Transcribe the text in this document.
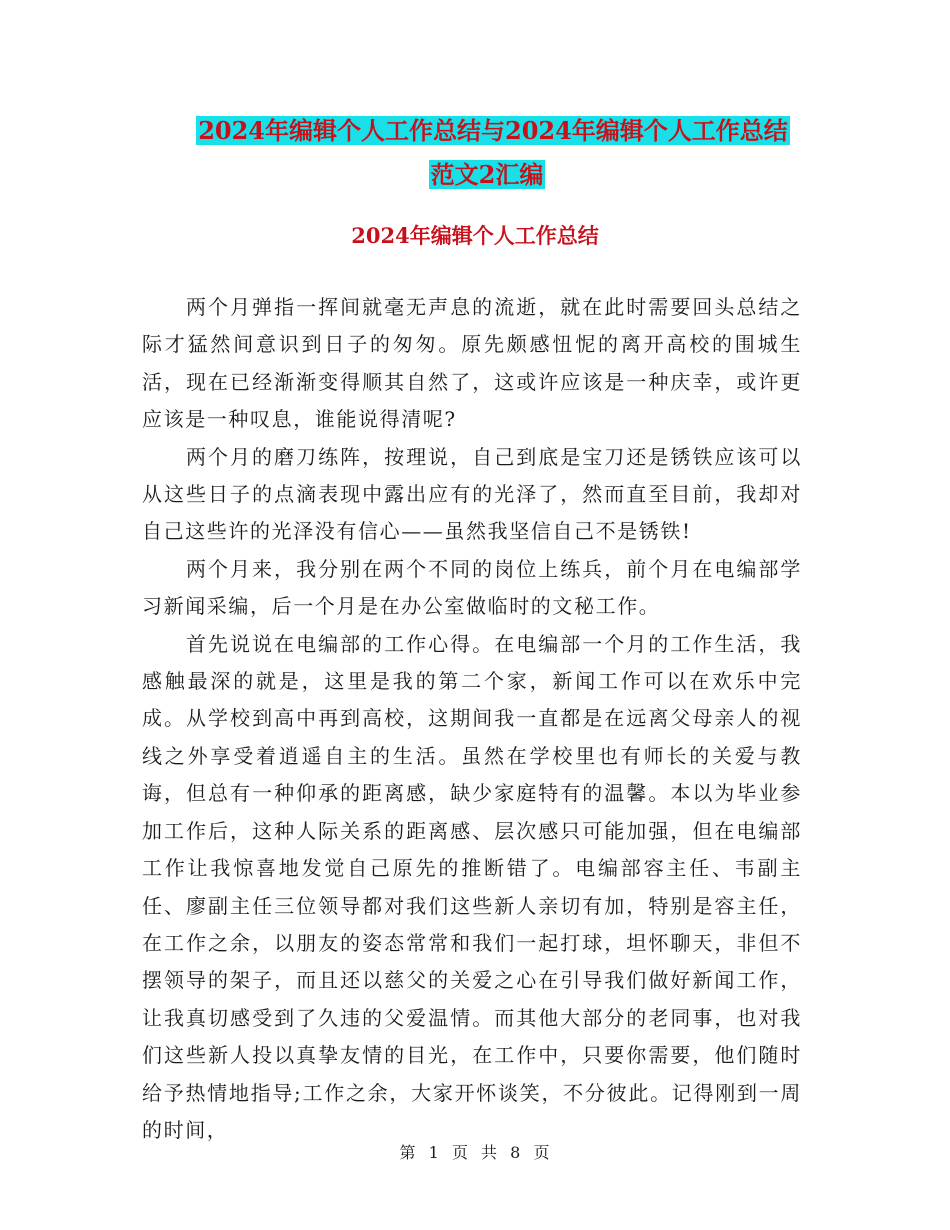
2024年编辑个人工作总结与2024年编辑个人工作总结
范文2汇编
2024年编辑个人工作总结

两个月弹指一挥间就毫无声息的流逝，就在此时需要回头总结之际才猛然间意识到日子的匆匆。原先颇感忸怩的离开高校的围城生活，现在已经渐渐变得顺其自然了，这或许应该是一种庆幸，或许更应该是一种叹息，谁能说得清呢?

两个月的磨刀练阵，按理说，自己到底是宝刀还是锈铁应该可以从这些日子的点滴表现中露出应有的光泽了，然而直至目前，我却对自己这些许的光泽没有信心——虽然我坚信自己不是锈铁!

两个月来，我分别在两个不同的岗位上练兵，前个月在电编部学习新闻采编，后一个月是在办公室做临时的文秘工作。

首先说说在电编部的工作心得。在电编部一个月的工作生活，我感触最深的就是，这里是我的第二个家，新闻工作可以在欢乐中完成。从学校到高中再到高校，这期间我一直都是在远离父母亲人的视线之外享受着逍遥自主的生活。虽然在学校里也有师长的关爱与教诲，但总有一种仰承的距离感，缺少家庭特有的温馨。本以为毕业参加工作后，这种人际关系的距离感、层次感只可能加强，但在电编部工作让我惊喜地发觉自己原先的推断错了。电编部容主任、韦副主任、廖副主任三位领导都对我们这些新人亲切有加，特别是容主任，在工作之余，以朋友的姿态常常和我们一起打球，坦怀聊天，非但不摆领导的架子，而且还以慈父的关爱之心在引导我们做好新闻工作，让我真切感受到了久违的父爱温情。而其他大部分的老同事，也对我们这些新人投以真挚友情的目光，在工作中，只要你需要，他们随时给予热情地指导;工作之余，大家开怀谈笑，不分彼此。记得刚到一周的时间，

第 1 页 共 8 页
